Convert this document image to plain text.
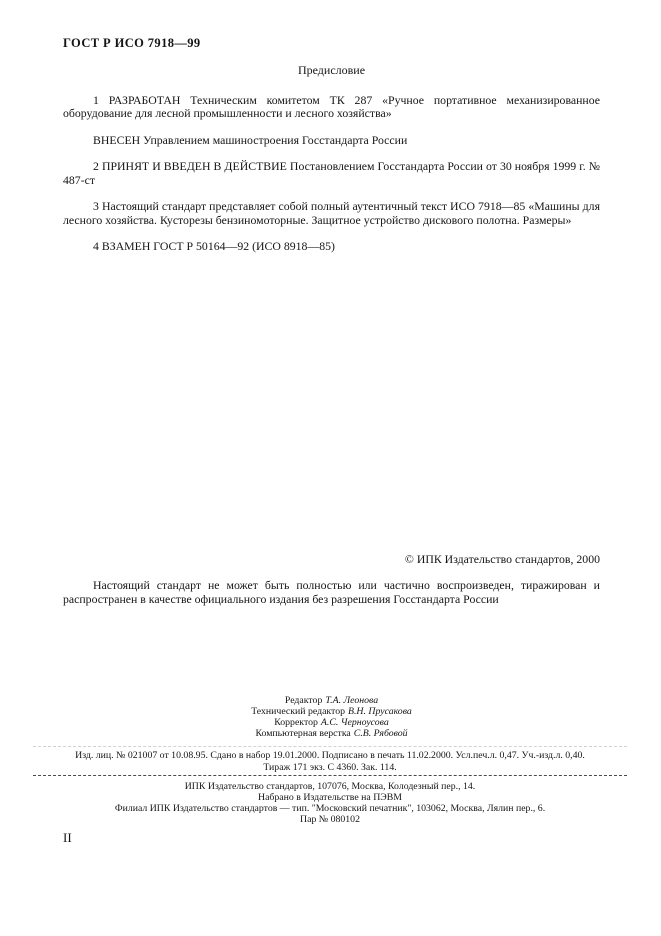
ГОСТ Р ИСО 7918—99
Предисловие

1 РАЗРАБОТАН Техническим комитетом ТК 287 «Ручное портативное механизированное оборудование для лесной промышленности и лесного хозяйства»

ВНЕСЕН Управлением машиностроения Госстандарта России

2 ПРИНЯТ И ВВЕДЕН В ДЕЙСТВИЕ Постановлением Госстандарта России от 30 ноября 1999 г. № 487-ст

3 Настоящий стандарт представляет собой полный аутентичный текст ИСО 7918—85 «Машины для лесного хозяйства. Кусторезы бензиномоторные. Защитное устройство дискового полотна. Размеры»

4 ВЗАМЕН ГОСТ Р 50164—92 (ИСО 8918—85)

© ИПК Издательство стандартов, 2000

Настоящий стандарт не может быть полностью или частично воспроизведен, тиражирован и распространен в качестве официального издания без разрешения Госстандарта России

Редактор Т.А. Леонова
Технический редактор В.Н. Прусакова
Корректор А.С. Черноусова
Компьютерная верстка С.В. Рябовой
Изд. лиц. № 021007 от 10.08.95. Сдано в набор 19.01.2000. Подписано в печать 11.02.2000. Усл.печ.л. 0,47. Уч.-изд.л. 0,40.
Тираж 171 экз. С 4360. Зак. 114.
ИПК Издательство стандартов, 107076, Москва, Колодезный пер., 14.
Набрано в Издательстве на ПЭВМ
Филиал ИПК Издательство стандартов — тип. "Московский печатник", 103062, Москва, Лялин пер., 6.
Пар № 080102
II
